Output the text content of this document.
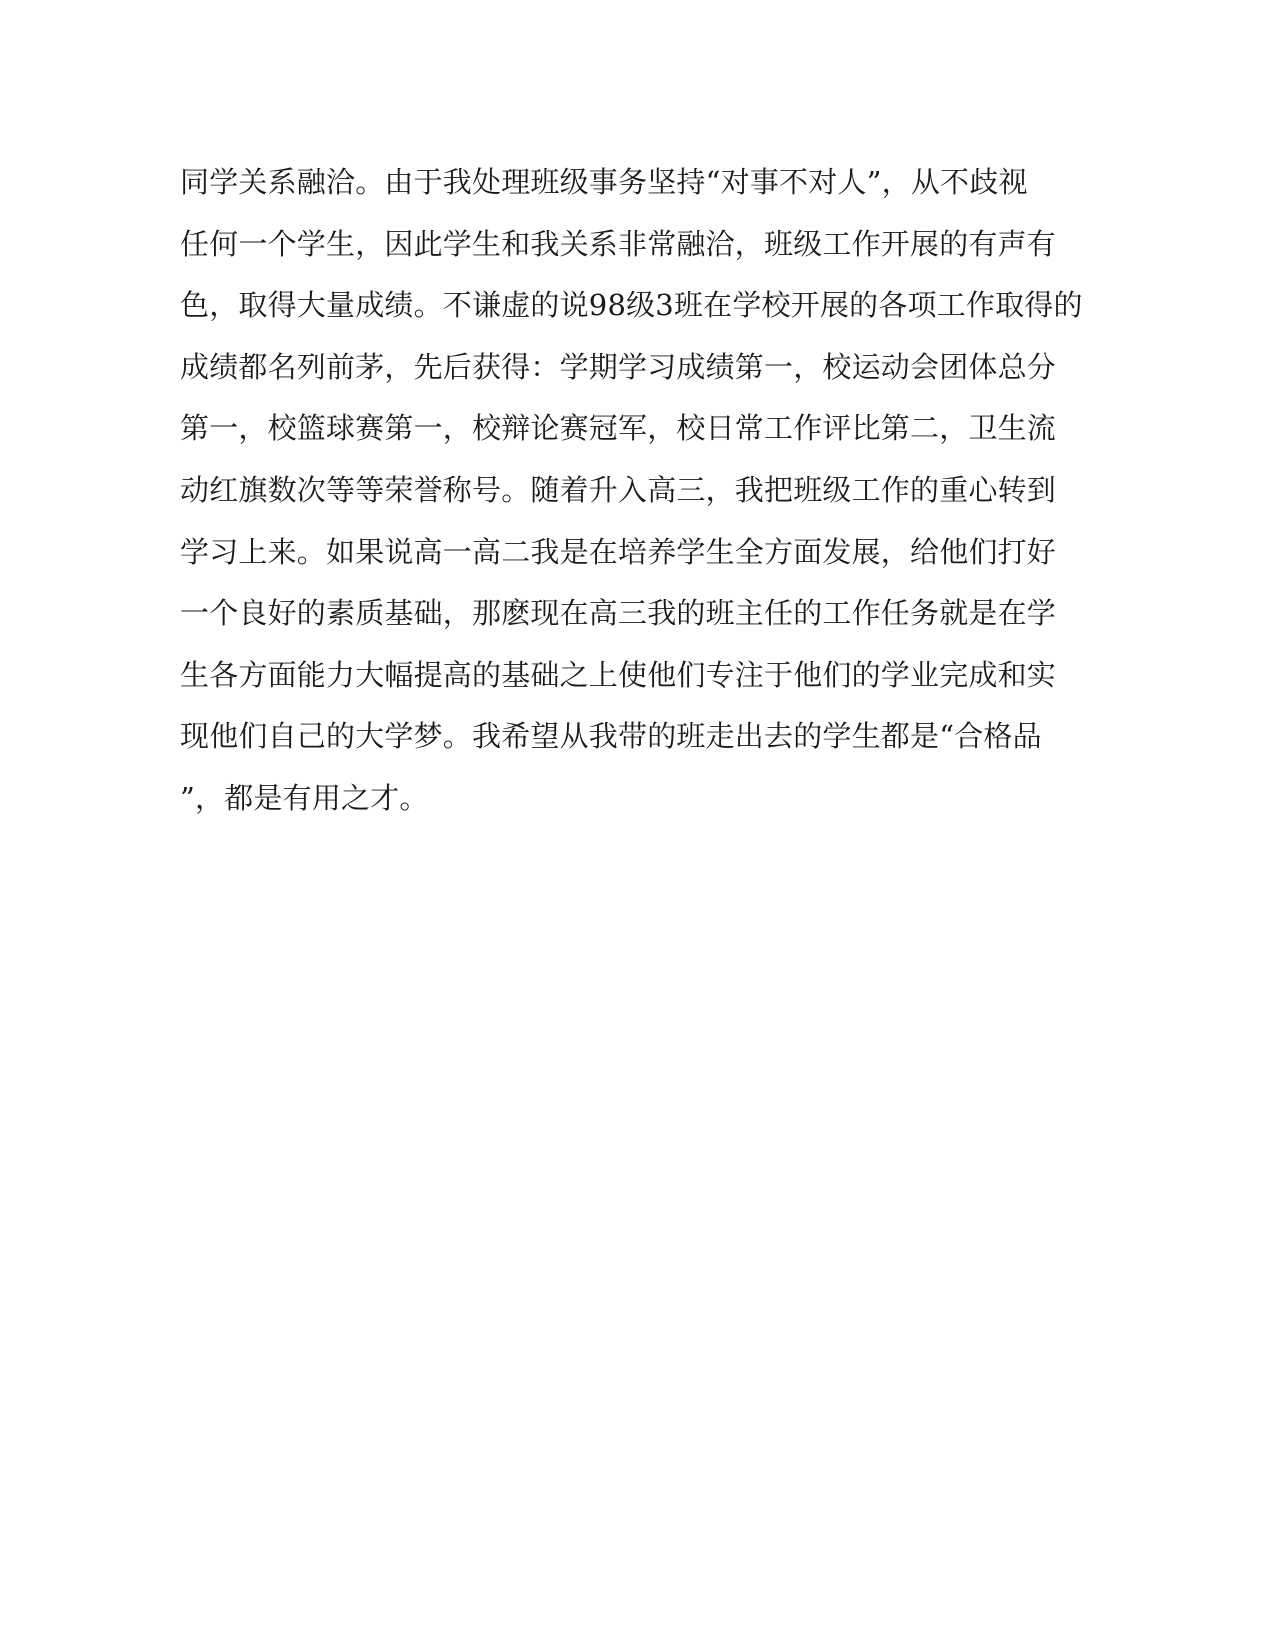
同学关系融洽。由于我处理班级事务坚持“对事不对人”，从不歧视
任何一个学生，因此学生和我关系非常融洽，班级工作开展的有声有
色，取得大量成绩。不谦虚的说98级3班在学校开展的各项工作取得的
成绩都名列前茅，先后获得：学期学习成绩第一，校运动会团体总分
第一，校篮球赛第一，校辩论赛冠军，校日常工作评比第二，卫生流
动红旗数次等等荣誉称号。随着升入高三，我把班级工作的重心转到
学习上来。如果说高一高二我是在培养学生全方面发展，给他们打好
一个良好的素质基础，那麽现在高三我的班主任的工作任务就是在学
生各方面能力大幅提高的基础之上使他们专注于他们的学业完成和实
现他们自己的大学梦。我希望从我带的班走出去的学生都是“合格品
”，都是有用之才。
